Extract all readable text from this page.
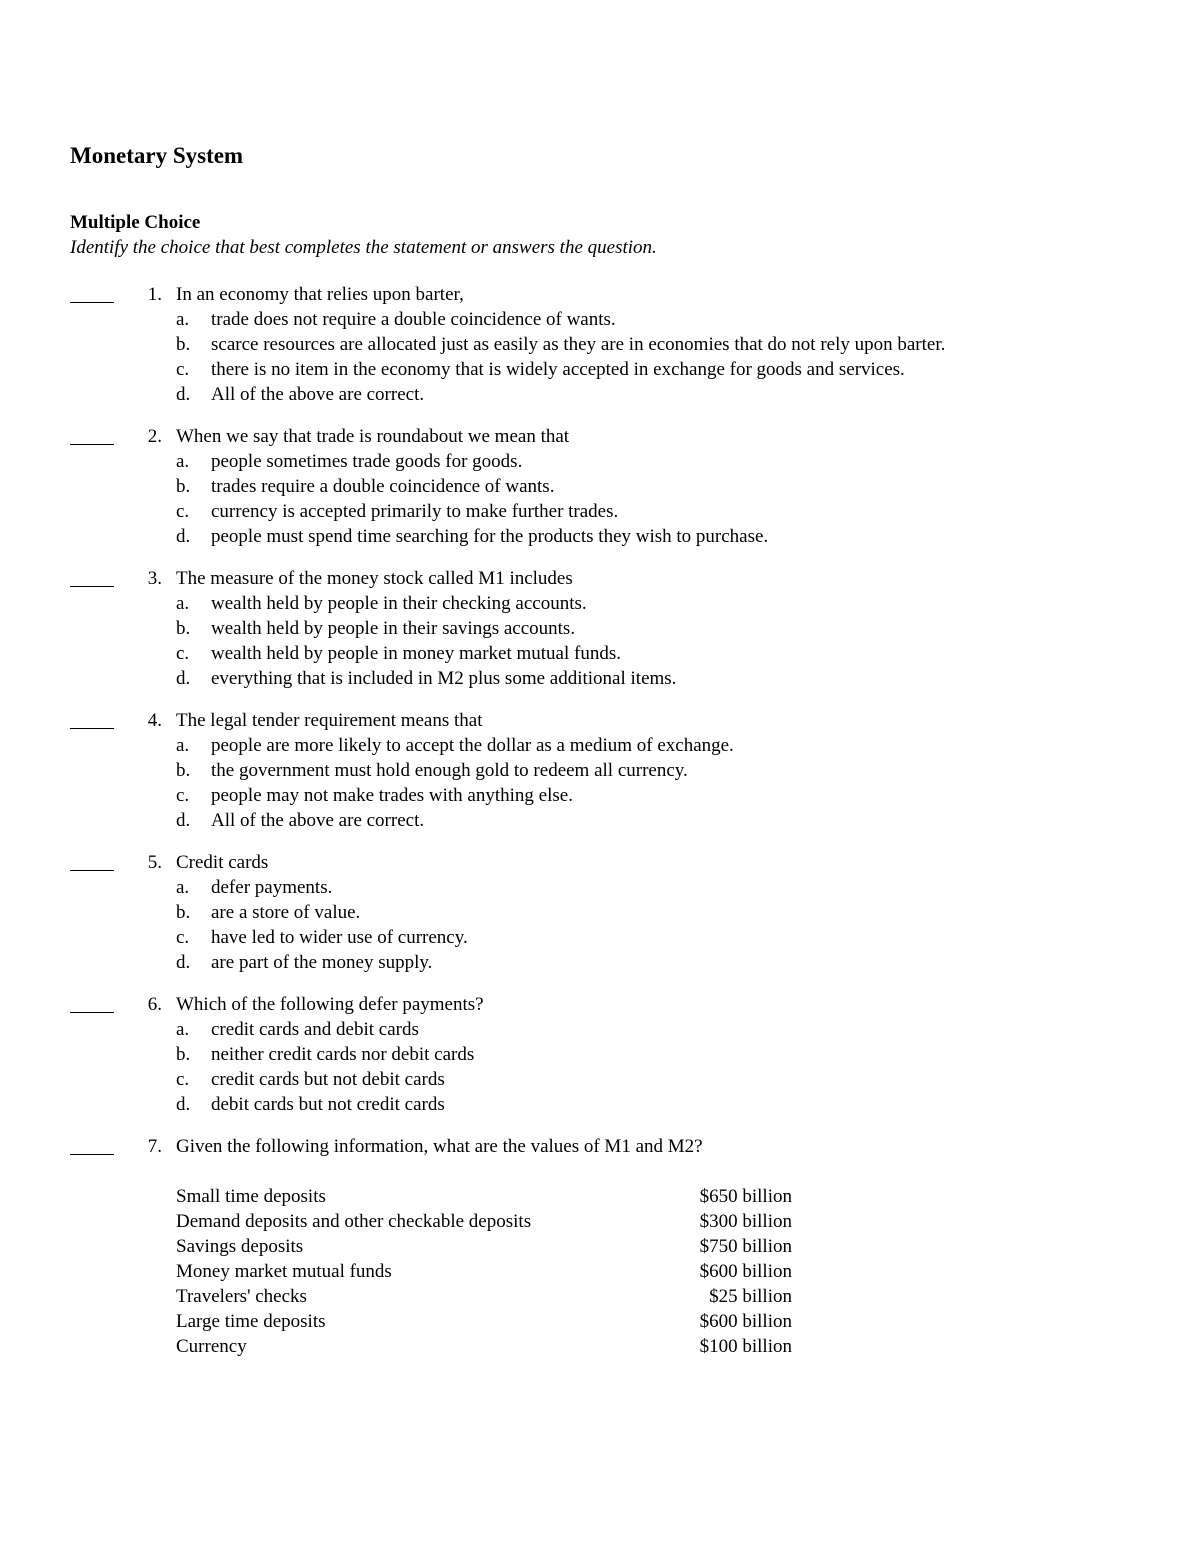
Monetary System
Multiple Choice

Identify the choice that best completes the statement or answers the question.

1. In an economy that relies upon barter,
a. trade does not require a double coincidence of wants.
b. scarce resources are allocated just as easily as they are in economies that do not rely upon barter.
c. there is no item in the economy that is widely accepted in exchange for goods and services.
d. All of the above are correct.
2. When we say that trade is roundabout we mean that
a. people sometimes trade goods for goods.
b. trades require a double coincidence of wants.
c. currency is accepted primarily to make further trades.
d. people must spend time searching for the products they wish to purchase.
3. The measure of the money stock called M1 includes
a. wealth held by people in their checking accounts.
b. wealth held by people in their savings accounts.
c. wealth held by people in money market mutual funds.
d. everything that is included in M2 plus some additional items.
4. The legal tender requirement means that
a. people are more likely to accept the dollar as a medium of exchange.
b. the government must hold enough gold to redeem all currency.
c. people may not make trades with anything else.
d. All of the above are correct.
5. Credit cards
a. defer payments.
b. are a store of value.
c. have led to wider use of currency.
d. are part of the money supply.
6. Which of the following defer payments?
a. credit cards and debit cards
b. neither credit cards nor debit cards
c. credit cards but not debit cards
d. debit cards but not credit cards
7. Given the following information, what are the values of M1 and M2?
Small time deposits	$650 billion
Demand deposits and other checkable deposits	$300 billion
Savings deposits	$750 billion
Money market mutual funds	$600 billion
Travelers' checks	$25 billion
Large time deposits	$600 billion
Currency	$100 billion
